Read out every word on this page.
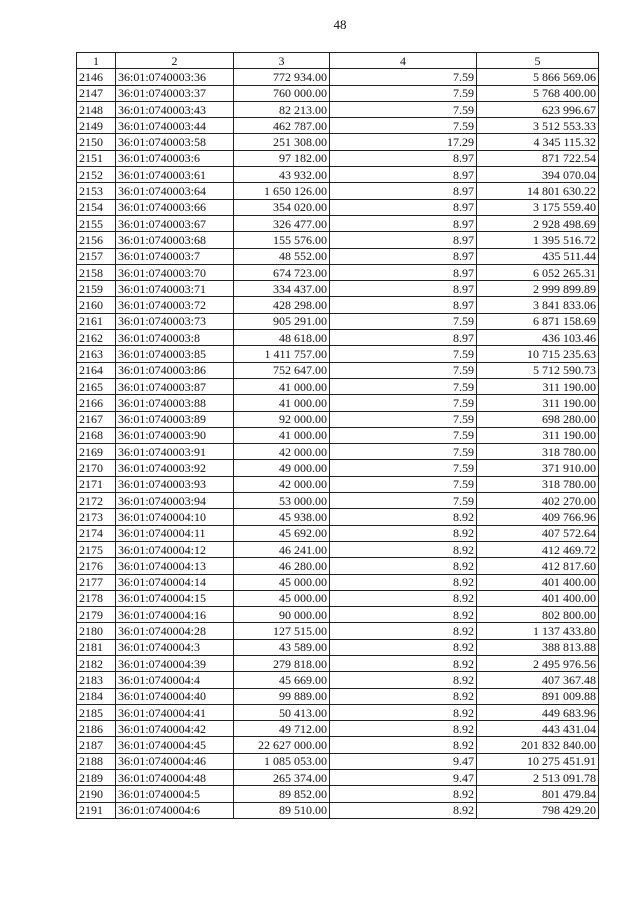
48
1	2	3	4	5
2146	36:01:0740003:36	772 934.00	7.59	5 866 569.06
2147	36:01:0740003:37	760 000.00	7.59	5 768 400.00
2148	36:01:0740003:43	82 213.00	7.59	623 996.67
2149	36:01:0740003:44	462 787.00	7.59	3 512 553.33
2150	36:01:0740003:58	251 308.00	17.29	4 345 115.32
2151	36:01:0740003:6	97 182.00	8.97	871 722.54
2152	36:01:0740003:61	43 932.00	8.97	394 070.04
2153	36:01:0740003:64	1 650 126.00	8.97	14 801 630.22
2154	36:01:0740003:66	354 020.00	8.97	3 175 559.40
2155	36:01:0740003:67	326 477.00	8.97	2 928 498.69
2156	36:01:0740003:68	155 576.00	8.97	1 395 516.72
2157	36:01:0740003:7	48 552.00	8.97	435 511.44
2158	36:01:0740003:70	674 723.00	8.97	6 052 265.31
2159	36:01:0740003:71	334 437.00	8.97	2 999 899.89
2160	36:01:0740003:72	428 298.00	8.97	3 841 833.06
2161	36:01:0740003:73	905 291.00	7.59	6 871 158.69
2162	36:01:0740003:8	48 618.00	8.97	436 103.46
2163	36:01:0740003:85	1 411 757.00	7.59	10 715 235.63
2164	36:01:0740003:86	752 647.00	7.59	5 712 590.73
2165	36:01:0740003:87	41 000.00	7.59	311 190.00
2166	36:01:0740003:88	41 000.00	7.59	311 190.00
2167	36:01:0740003:89	92 000.00	7.59	698 280.00
2168	36:01:0740003:90	41 000.00	7.59	311 190.00
2169	36:01:0740003:91	42 000.00	7.59	318 780.00
2170	36:01:0740003:92	49 000.00	7.59	371 910.00
2171	36:01:0740003:93	42 000.00	7.59	318 780.00
2172	36:01:0740003:94	53 000.00	7.59	402 270.00
2173	36:01:0740004:10	45 938.00	8.92	409 766.96
2174	36:01:0740004:11	45 692.00	8.92	407 572.64
2175	36:01:0740004:12	46 241.00	8.92	412 469.72
2176	36:01:0740004:13	46 280.00	8.92	412 817.60
2177	36:01:0740004:14	45 000.00	8.92	401 400.00
2178	36:01:0740004:15	45 000.00	8.92	401 400.00
2179	36:01:0740004:16	90 000.00	8.92	802 800.00
2180	36:01:0740004:28	127 515.00	8.92	1 137 433.80
2181	36:01:0740004:3	43 589.00	8.92	388 813.88
2182	36:01:0740004:39	279 818.00	8.92	2 495 976.56
2183	36:01:0740004:4	45 669.00	8.92	407 367.48
2184	36:01:0740004:40	99 889.00	8.92	891 009.88
2185	36:01:0740004:41	50 413.00	8.92	449 683.96
2186	36:01:0740004:42	49 712.00	8.92	443 431.04
2187	36:01:0740004:45	22 627 000.00	8.92	201 832 840.00
2188	36:01:0740004:46	1 085 053.00	9.47	10 275 451.91
2189	36:01:0740004:48	265 374.00	9.47	2 513 091.78
2190	36:01:0740004:5	89 852.00	8.92	801 479.84
2191	36:01:0740004:6	89 510.00	8.92	798 429.20
